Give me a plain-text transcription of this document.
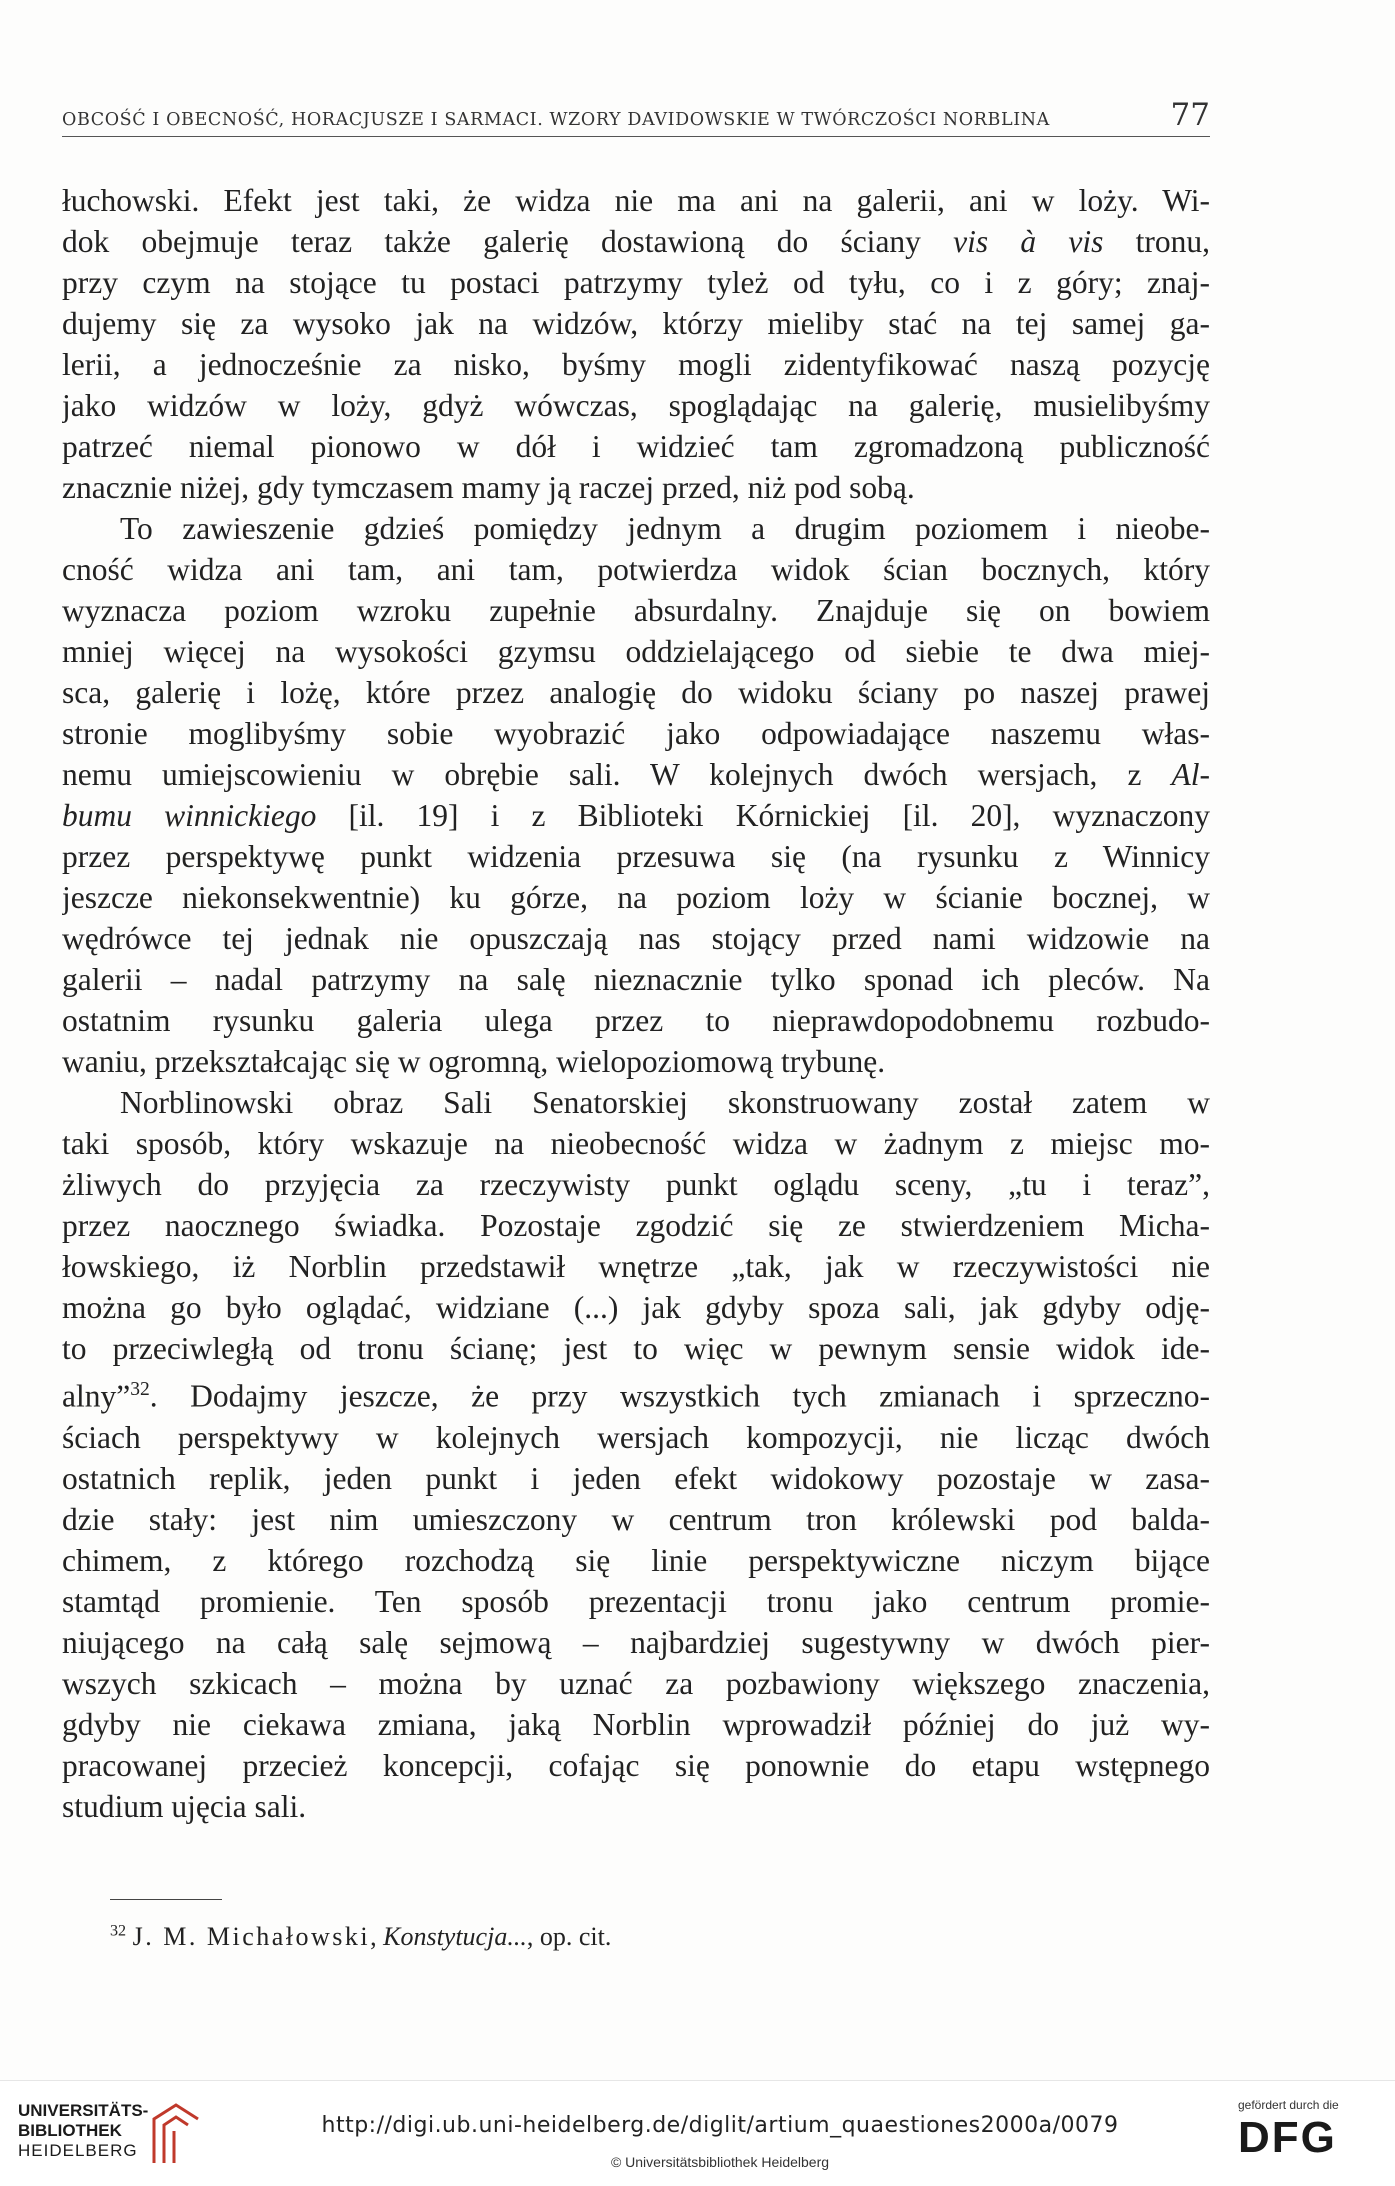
OBCOŚĆ I OBECNOŚĆ, HORACJUSZE I SARMACI. WZORY DAVIDOWSKIE W TWÓRCZOŚCI NORBLINA	77
łuchowski. Efekt jest taki, że widza nie ma ani na galerii, ani w loży. Wi-
dok obejmuje teraz także galerię dostawioną do ściany vis à vis tronu,
przy czym na stojące tu postaci patrzymy tyleż od tyłu, co i z góry; znaj-
dujemy się za wysoko jak na widzów, którzy mieliby stać na tej samej ga-
lerii, a jednocześnie za nisko, byśmy mogli zidentyfikować naszą pozycję
jako widzów w loży, gdyż wówczas, spoglądając na galerię, musielibyśmy
patrzeć niemal pionowo w dół i widzieć tam zgromadzoną publiczność
znacznie niżej, gdy tymczasem mamy ją raczej przed, niż pod sobą.
To zawieszenie gdzieś pomiędzy jednym a drugim poziomem i nieobe-
cność widza ani tam, ani tam, potwierdza widok ścian bocznych, który
wyznacza poziom wzroku zupełnie absurdalny. Znajduje się on bowiem
mniej więcej na wysokości gzymsu oddzielającego od siebie te dwa miej-
sca, galerię i lożę, które przez analogię do widoku ściany po naszej prawej
stronie moglibyśmy sobie wyobrazić jako odpowiadające naszemu włas-
nemu umiejscowieniu w obrębie sali. W kolejnych dwóch wersjach, z Al-
bumu winnickiego [il. 19] i z Biblioteki Kórnickiej [il. 20], wyznaczony
przez perspektywę punkt widzenia przesuwa się (na rysunku z Winnicy
jeszcze niekonsekwentnie) ku górze, na poziom loży w ścianie bocznej, w
wędrówce tej jednak nie opuszczają nas stojący przed nami widzowie na
galerii – nadal patrzymy na salę nieznacznie tylko sponad ich pleców. Na
ostatnim rysunku galeria ulega przez to nieprawdopodobnemu rozbudo-
waniu, przekształcając się w ogromną, wielopoziomową trybunę.
Norblinowski obraz Sali Senatorskiej skonstruowany został zatem w
taki sposób, który wskazuje na nieobecność widza w żadnym z miejsc mo-
żliwych do przyjęcia za rzeczywisty punkt oglądu sceny, „tu i teraz”,
przez naocznego świadka. Pozostaje zgodzić się ze stwierdzeniem Micha-
łowskiego, iż Norblin przedstawił wnętrze „tak, jak w rzeczywistości nie
można go było oglądać, widziane (...) jak gdyby spoza sali, jak gdyby odję-
to przeciwległą od tronu ścianę; jest to więc w pewnym sensie widok ide-
alny”$^{32}$. Dodajmy jeszcze, że przy wszystkich tych zmianach i sprzeczno-
ściach perspektywy w kolejnych wersjach kompozycji, nie licząc dwóch
ostatnich replik, jeden punkt i jeden efekt widokowy pozostaje w zasa-
dzie stały: jest nim umieszczony w centrum tron królewski pod balda-
chimem, z którego rozchodzą się linie perspektywiczne niczym bijące
stamtąd promienie. Ten sposób prezentacji tronu jako centrum promie-
niującego na całą salę sejmową – najbardziej sugestywny w dwóch pier-
wszych szkicach – można by uznać za pozbawiony większego znaczenia,
gdyby nie ciekawa zmiana, jaką Norblin wprowadził później do już wy-
pracowanej przecież koncepcji, cofając się ponownie do etapu wstępnego
studium ujęcia sali.
$^{32}$ J. M. Michałowski, Konstytucja..., op. cit.
UNIVERSITÄTS-
BIBLIOTHEK
HEIDELBERG
http://digi.ub.uni-heidelberg.de/diglit/artium_quaestiones2000a/0079
© Universitätsbibliothek Heidelberg
gefördert durch die
DFG
